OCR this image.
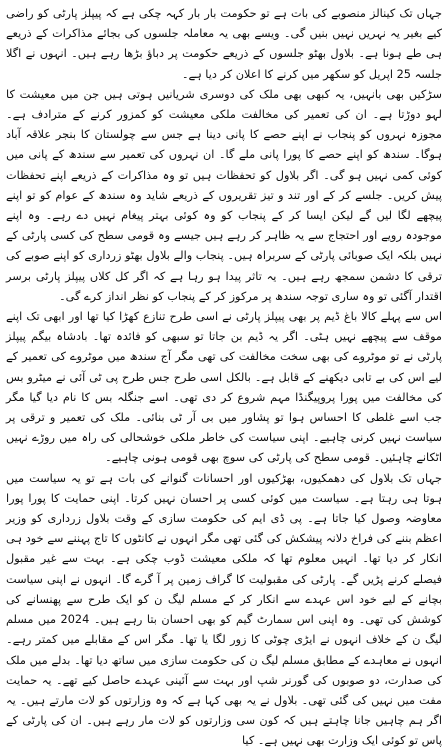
جہاں تک کینالز منصوبے کی بات ہے تو حکومت بار بار کہہ چکی ہے کہ پیپلز پارٹی کو راضی کیے بغیر یہ نہریں نہیں بنیں گی۔ ویسے بھی یہ معاملہ جلسوں کی بجائے مذاکرات کے ذریعے ہی طے ہونا ہے۔ بلاول بھٹو جلسوں کے ذریعے حکومت پر دباؤ بڑھا رہے ہیں۔ انہوں نے اگلا جلسہ 25 اپریل کو سکھر میں کرنے کا اعلان کر دیا ہے۔

سڑکیں بھی بانہیں، یہ کبھی بھی ملک کی دوسری شریانیں ہوتی ہیں جن میں معیشت کا لہو دوڑتا ہے۔ ان کی تعمیر کی مخالفت ملکی معیشت کو کمزور کرنے کے مترادف ہے۔ مجوزہ نہروں کو پنجاب نے اپنے حصے کا پانی دینا ہے جس سے چولستان کا بنجر علاقہ آباد ہوگا۔ سندھ کو اپنے حصے کا پورا پانی ملے گا۔ ان نہروں کی تعمیر سے سندھ کے پانی میں کوئی کمی نہیں ہو گی۔ اگر بلاول کو تحفظات ہیں تو وہ مذاکرات کے ذریعے اپنے تحفظات پیش کریں۔ جلسے کر کے اور تند و تیز تقریروں کے ذریعے شاید وہ سندھ کے عوام کو تو اپنے پیچھے لگا لیں گے لیکن ایسا کر کے پنجاب کو وہ کوئی بہتر پیغام نہیں دے رہے۔ وہ اپنے موجودہ رویے اور احتجاج سے یہ ظاہر کر رہے ہیں جیسے وہ قومی سطح کی کسی پارٹی کے نہیں بلکہ ایک صوبائی پارٹی کے سربراہ ہیں۔ پنجاب والے بلاول بھٹو زرداری کو اپنے صوبے کی ترقی کا دشمن سمجھ رہے ہیں۔ یہ تاثر پیدا ہو رہا ہے کہ اگر کل کلاں پیپلز پارٹی برسر اقتدار آگئی تو وہ ساری توجہ سندھ پر مرکوز کر کے پنجاب کو نظر انداز کرے گی۔

اس سے پہلے کالا باغ ڈیم پر بھی پیپلز پارٹی نے اسی طرح تنازع کھڑا کیا تھا اور ابھی تک اپنے موقف سے پیچھے نہیں ہٹی۔ اگر یہ ڈیم بن جاتا تو سبھی کو فائدہ تھا۔ بادشاہ بیگم پیپلز پارٹی نے تو موٹروے کی بھی سخت مخالفت کی تھی مگر آج سندھ میں موٹروے کی تعمیر کے لیے اس کی بے تابی دیکھنے کے قابل ہے۔ بالکل اسی طرح جس طرح پی ٹی آئی نے میٹرو بس کی مخالفت میں پورا پروپیگنڈا مہم شروع کر دی تھی۔ اسے جنگلہ بس کا نام دیا گیا مگر جب اسے غلطی کا احساس ہوا تو پشاور میں بی آر ٹی بنائی۔ ملک کی تعمیر و ترقی پر سیاست نہیں کرنی چاہیے۔ اپنی سیاست کی خاطر ملکی خوشحالی کی راہ میں روڑے نہیں اٹکانے چاہئیں۔ قومی سطح کی پارٹی کی سوچ بھی قومی ہونی چاہیے۔

جہاں تک بلاول کی دھمکیوں، بھڑکیوں اور احسانات گنوانے کی بات ہے تو یہ سیاست میں ہوتا ہی رہتا ہے۔ سیاست میں کوئی کسی پر احسان نہیں کرتا۔ اپنی حمایت کا پورا پورا معاوضہ وصول کیا جاتا ہے۔ پی ڈی ایم کی حکومت سازی کے وقت بلاول زرداری کو وزیر اعظم بننے کی فراخ دلانہ پیشکش کی گئی تھی مگر انہوں نے کانٹوں کا تاج پہننے سے خود ہی انکار کر دیا تھا۔ انہیں معلوم تھا کہ ملکی معیشت ڈوب چکی ہے۔ بہت سے غیر مقبول فیصلے کرنے پڑیں گے۔ پارٹی کی مقبولیت کا گراف زمین پر آ گرے گا۔ انہوں نے اپنی سیاست بچانے کے لیے خود اس عہدے سے انکار کر کے مسلم لیگ ن کو ایک طرح سے پھنسانے کی کوشش کی تھی۔ وہ اپنی اس سمارٹ گیم کو بھی احسان بتا رہے ہیں۔ 2024 میں مسلم لیگ ن کے خلاف انہوں نے ایڑی چوٹی کا زور لگا یا تھا۔ مگر اس کے مقابلے میں کمتر رہے۔ انہوں نے معاہدے کے مطابق مسلم لیگ ن کی حکومت سازی میں ساتھ دیا تھا۔ بدلے میں ملک کی صدارت، دو صوبوں کی گورنر شپ اور بہت سے آئینی عہدے حاصل کیے تھے۔ یہ حمایت مفت میں نہیں کی گئی تھی۔ بلاول نے یہ بھی کہا ہے کہ وہ وزارتوں کو لات مارتے ہیں۔ یہ اگر ہم چاہیں جانا چاہتے ہیں کہ کون سی وزارتوں کو لات مار رہے ہیں۔ ان کی پارٹی کے پاس تو کوئی ایک وزارت بھی نہیں ہے۔ کیا
